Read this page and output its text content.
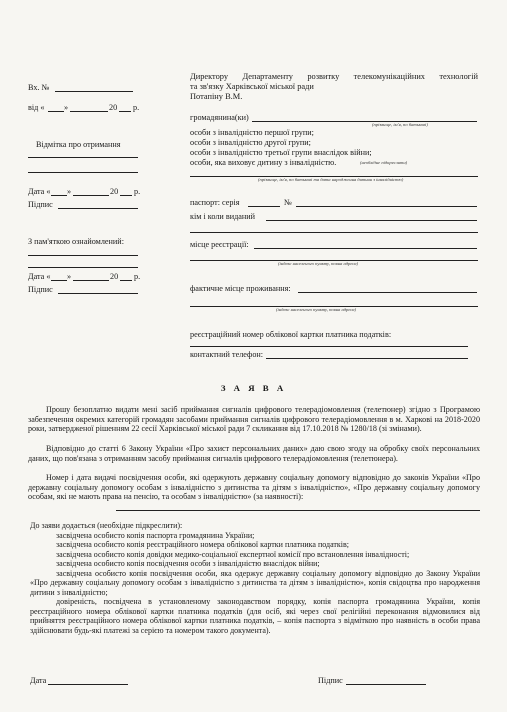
Вх. №
від « »	20 р.
Відмітка про отримання
Дата « »	20 р.
Підпис
З пам'яткою ознайомлений:
Дата « »	20 р.
Підпис
Директору Департаменту розвитку телекомунікаційних технологій
та зв'язку Харківської міської ради
Потапіну В.М.
громадянина(ки)
(прізвище, ім'я, по батькові)
особи з інвалідністю першої групи;
особи з інвалідністю другої групи;
особи з інвалідністю третьої групи внаслідок війни;
особи, яка виховує дитину з інвалідністю.	(необхідне підкреслити)
(прізвище, ім'я, по батькові та дата народження дитини з інвалідністю)
паспорт: серія	№
кім і коли виданий
місце реєстрації:
(індекс населеного пункту, повна адреса)
фактичне місце проживання:
(індекс населеного пункту, повна адреса)
реєстраційний номер облікової картки платника податків:
контактний телефон:
З А Я В А

Прошу безоплатно видати мені засіб приймання сигналів цифрового телерадіомовлення (телетюнер) згідно з Програмою забезпечення окремих категорій громадян засобами приймання сигналів цифрового телерадіомовлення в м. Харкові на 2018-2020 роки, затвердженої рішенням 22 сесії Харківської міської ради 7 скликання від 17.10.2018 № 1280/18 (зі змінами).

Відповідно до статті 6 Закону України «Про захист персональних даних» даю свою згоду на обробку своїх персональних даних, що пов'язана з отриманням засобу приймання сигналів цифрового телерадіомовлення (телетюнера).

Номер і дата видачі посвідчення особи, які одержують державну соціальну допомогу відповідно до законів України «Про державну соціальну допомогу особам з інвалідністю з дитинства та дітям з інвалідністю», «Про державну соціальну допомогу особам, які не мають права на пенсію, та особам з інвалідністю» (за наявності):

До заяви додається (необхідне підкреслити):
засвідчена особисто копія паспорта громадянина України;
засвідчена особисто копія реєстраційного номера облікової картки платника податків;
засвідчена особисто копія довідки медико-соціальної експертної комісії про встановлення інвалідності;
засвідчена особисто копія посвідчення особи з інвалідністю внаслідок війни;
засвідчена особисто копія посвідчення особи, яка одержує державну соціальну допомогу відповідно до Закону України «Про державну соціальну допомогу особам з інвалідністю з дитинства та дітям з інвалідністю», копія свідоцтва про народження дитини з інвалідністю;
довіреність, посвідчена в установленому законодавством порядку, копія паспорта громадянина України, копія реєстраційного номера облікової картки платника податків (для осіб, які через свої релігійні переконання відмовилися від прийняття реєстраційного номера облікової картки платника податків, – копія паспорта з відміткою про наявність в особи права здійснювати будь-які платежі за серією та номером такого документа).
Дата	Підпис
